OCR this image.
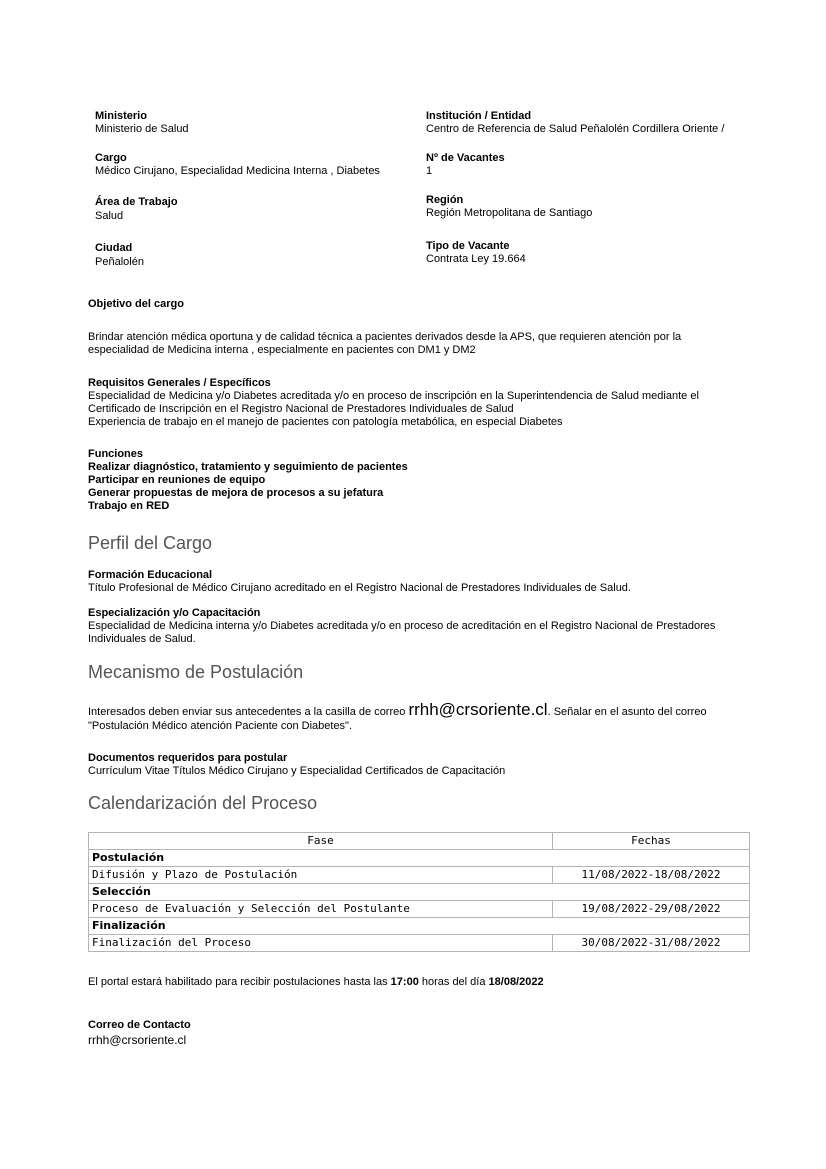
Ministerio
Ministerio de Salud
Institución / Entidad
Centro de Referencia de Salud Peñalolén Cordillera Oriente /
Cargo
Médico Cirujano, Especialidad Medicina Interna , Diabetes
Nº de Vacantes
1
Área de Trabajo
Salud
Región
Región Metropolitana de Santiago
Ciudad
Peñalolén
Tipo de Vacante
Contrata Ley 19.664
Objetivo del cargo
Brindar atención médica oportuna y de calidad técnica a pacientes derivados desde la APS, que requieren atención por la especialidad de Medicina interna , especialmente en pacientes con DM1 y DM2
Requisitos Generales / Específicos
Especialidad de Medicina y/o Diabetes acreditada y/o en proceso de inscripción en la Superintendencia de Salud mediante el Certificado de Inscripción en el Registro Nacional de Prestadores Individuales de Salud
Experiencia de trabajo en el manejo de pacientes con patología metabólica, en especial Diabetes
Funciones
Realizar diagnóstico, tratamiento y seguimiento de pacientes
Participar en reuniones de equipo
Generar propuestas de mejora de procesos a su jefatura
Trabajo en RED
Perfil del Cargo
Formación Educacional
Título Profesional de Médico Cirujano acreditado en el Registro Nacional de Prestadores Individuales de Salud.
Especialización y/o Capacitación
Especialidad de Medicina interna y/o Diabetes acreditada y/o en proceso de acreditación en el Registro Nacional de Prestadores Individuales de Salud.
Mecanismo de Postulación
Interesados deben enviar sus antecedentes a la casilla de correo rrhh@crsoriente.cl. Señalar en el asunto del correo "Postulación Médico atención Paciente con Diabetes".
Documentos requeridos para postular
Currículum Vitae Títulos Médico Cirujano y Especialidad Certificados de Capacitación
Calendarización del Proceso
Fase	Fechas
Postulación	
Difusión y Plazo de Postulación	11/08/2022-18/08/2022
Selección	
Proceso de Evaluación y Selección del Postulante	19/08/2022-29/08/2022
Finalización	
Finalización del Proceso	30/08/2022-31/08/2022
El portal estará habilitado para recibir postulaciones hasta las 17:00 horas del día 18/08/2022
Correo de Contacto
rrhh@crsoriente.cl
